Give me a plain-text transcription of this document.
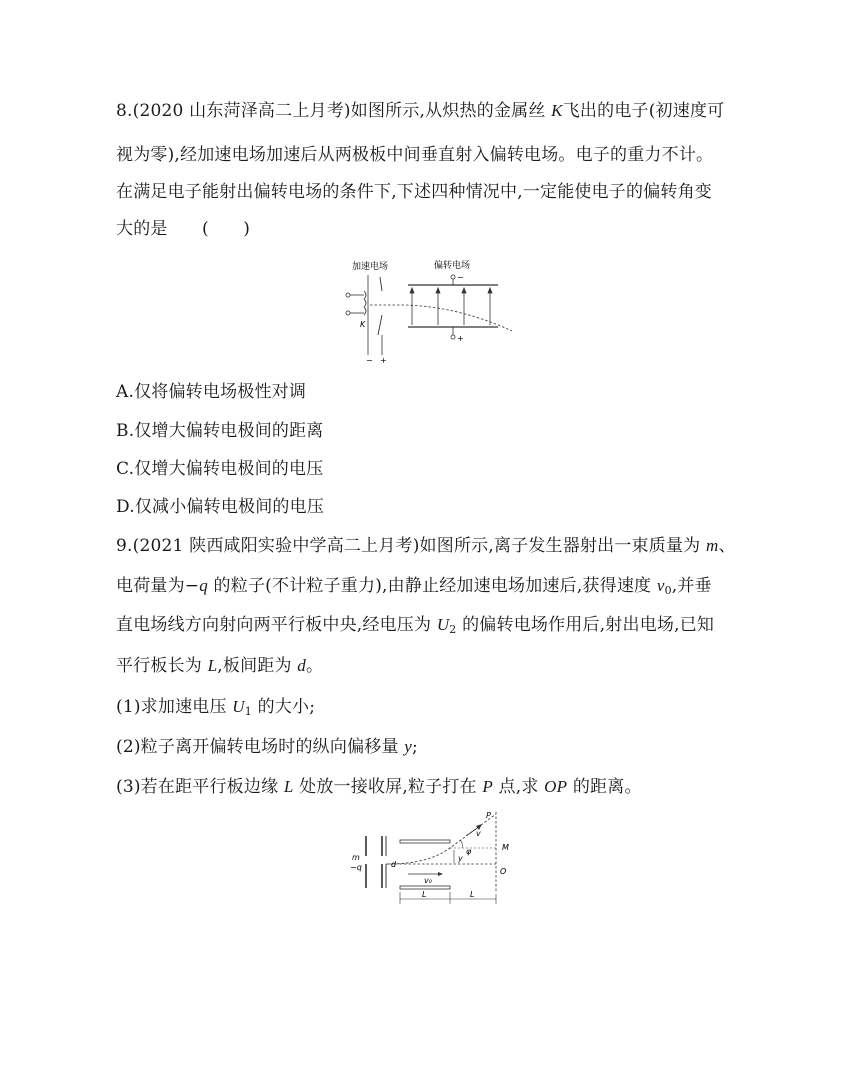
8.(2020 山东菏泽高二上月考)如图所示,从炽热的金属丝 K飞出的电子(初速度可
视为零),经加速电场加速后从两极板中间垂直射入偏转电场。电子的重力不计。
在满足电子能射出偏转电场的条件下,下述四种情况中,一定能使电子的偏转角变
大的是　　(　　)
加速电场	偏转电场
K
− +
−
+
A.仅将偏转电场极性对调
B.仅增大偏转电极间的距离
C.仅增大偏转电极间的电压
D.仅减小偏转电极间的电压
9.(2021 陕西咸阳实验中学高二上月考)如图所示,离子发生器射出一束质量为 m、
电荷量为−q 的粒子(不计粒子重力),由静止经加速电场加速后,获得速度 $v_0$,并垂
直电场线方向射向两平行板中央,经电压为 $U_2$ 的偏转电场作用后,射出电场,已知
平行板长为 L,板间距为 d。
(1)求加速电压 $U_1$ 的大小;
(2)粒子离开偏转电场时的纵向偏移量 y;
(3)若在距平行板边缘 L 处放一接收屏,粒子打在 P 点,求 OP 的距离。
m
−q	d
v₀
v
φ
y
P
M
O
L	L
